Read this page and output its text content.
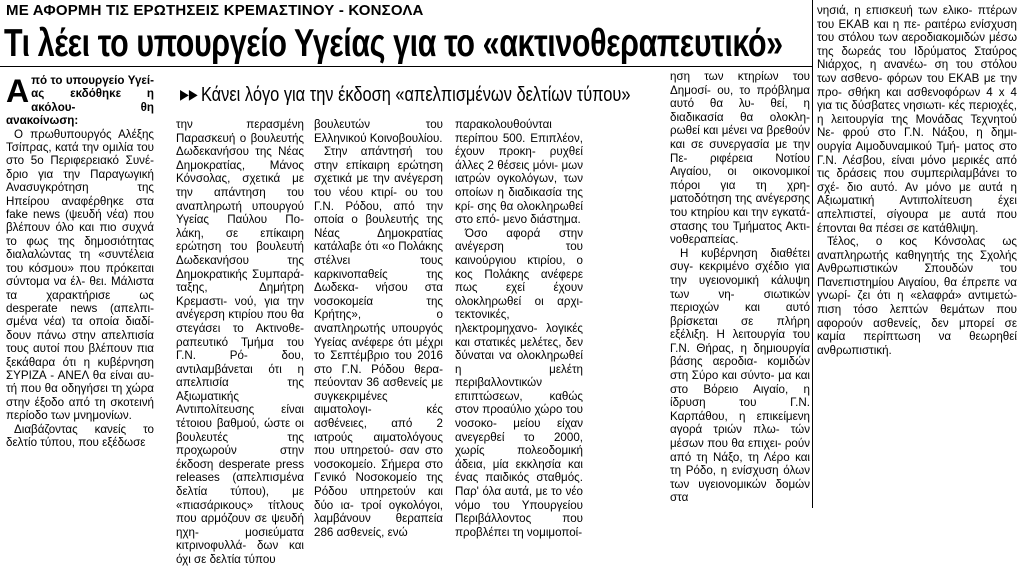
ΜΕ ΑΦΟΡΜΗ ΤΙΣ ΕΡΩΤΗΣΕΙΣ ΚΡΕΜΑΣΤΙΝΟΥ - ΚΟΝΣΟΛΑ
Τι λέει το υπουργείο Υγείας για το «ακτινοθεραπευτικό»
▶▶ Κάνει λόγο για την έκδοση «απελπισμένων δελτίων τύπου»
Α πό το υπουργείο Υγεί- ας εκδόθηκε η ακόλου- θη ανακοίνωση:
Ο πρωθυπουργός Αλέξης Τσίπρας, κατά την ομιλία του στο 5ο Περιφερειακό Συνέ- δριο για την Παραγωγική Ανασυγκρότηση της Ηπείρου αναφέρθηκε στα fake news (ψευδή νέα) που βλέπουν όλο και πιο συχνά το φως της δημοσιότητας διαλαλώντας τη «συντέλεια του κόσμου» που πρόκειται σύντομα να έλ- θει. Μάλιστα τα χαρακτήρισε ως desperate news (απελπι- σμένα νέα) τα οποία διαδί- δουν πάνω στην απελπισία τους αυτοί που βλέπουν πια ξεκάθαρα ότι η κυβέρνηση ΣΥΡΙΖΑ - ΑΝΕΛ θα είναι αυ- τή που θα οδηγήσει τη χώρα στην έξοδο από τη σκοτεινή περίοδο των μνημονίων.
Διαβάζοντας κανείς το δελτίο τύπου, που εξέδωσε

την περασμένη Παρασκευή ο βουλευτής Δωδεκανήσου της Νέας Δημοκρατίας, Μάνος Κόνσολας, σχετικά με την απάντηση του αναπληρωτή υπουργού Υγείας Παύλου Πο- λάκη, σε επίκαιρη ερώτηση του βουλευτή Δωδεκανήσου της Δημοκρατικής Συμπαρά- ταξης, Δημήτρη Κρεμαστι- νού, για την ανέγερση κτιρίου που θα στεγάσει το Ακτινοθε- ραπευτικό Τμήμα του Γ.Ν. Ρό- δου, αντιλαμβάνεται ότι η απελπισία της Αξιωματικής Αντιπολίτευσης είναι τέτοιου βαθμού, ώστε οι βουλευτές της προχωρούν στην έκδοση desperate press releases (απελπισμένα δελτία τύπου), με «πιασάρικους» τίτλους που αρμόζουν σε ψευδή ηχη- μοσιεύματα κιτρινοφυλλά- δων και όχι σε δελτία τύπου

βουλευτών του Ελληνικού Κοινοβουλίου.

Στην απάντησή του στην επίκαιρη ερώτηση σχετικά με την ανέγερση του νέου κτιρί- ου του Γ.Ν. Ρόδου, από την οποία ο βουλευτής της Νέας Δημοκρατίας κατάλαβε ότι «ο Πολάκης στέλνει τους καρκινοπαθείς της Δωδεκα- νήσου στα νοσοκομεία της Κρήτης», ο αναπληρωτής υπουργός Υγείας ανέφερε ότι μέχρι το Σεπτέμβριο του 2016 στο Γ.Ν. Ρόδου θερα- πεύονταν 36 ασθενείς με συγκεκριμένες αιματολογι- κές ασθένειες, από 2 ιατρούς αιματολόγους που υπηρετού- σαν στο νοσοκομείο. Σήμερα στο Γενικό Νοσοκομείο της Ρόδου υπηρετούν και δύο ια- τροί ογκολόγοι, λαμβάνουν θεραπεία 286 ασθενείς, ενώ

παρακολουθούνται περίπου 500. Επιπλέον, έχουν προκη- ρυχθεί άλλες 2 θέσεις μόνι- μων ιατρών ογκολόγων, των οποίων η διαδικασία της κρί- σης θα ολοκληρωθεί στο επό- μενο διάστημα.

Όσο αφορά στην ανέγερση του καινούργιου κτιρίου, ο κος Πολάκης ανέφερε πως εχεί έχουν ολοκληρωθεί οι αρχι- τεκτονικές, ηλεκτρομηχανο- λογικές και στατικές μελέτες, δεν δύναται να ολοκληρωθεί η μελέτη περιβαλλοντικών επιπτώσεων, καθώς στον προαύλιο χώρο του νοσοκο- μείου είχαν ανεγερθεί το 2000, χωρίς πολεοδομική άδεια, μία εκκλησία και ένας παιδικός σταθμός. Παρ' όλα αυτά, με το νέο νόμο του Υπουργείου Περιβάλλοντος που προβλέπει τη νομιμοποί-

ηση των κτηρίων του Δημοσί- ου, το πρόβλημα αυτό θα λυ- θεί, η διαδικασία θα ολοκλη- ρωθεί και μένει να βρεθούν και σε συνεργασία με την Πε- ριφέρεια Νοτίου Αιγαίου, οι οικονομικοί πόροι για τη χρη- ματοδότηση της ανέγερσης του κτηρίου και την εγκατά- στασης του Τμήματος Ακτι- νοθεραπείας.

Η κυβέρνηση διαθέτει συγ- κεκριμένο σχέδιο για την υγειονομική κάλυψη των νη- σιωτικών περιοχών και αυτό βρίσκεται σε πλήρη εξέλιξη. Η λειτουργία του Γ.Ν. Θήρας, η δημιουργία βάσης αεροδια- κομιδών στη Σύρο και σύντο- μα και στο Βόρειο Αιγαίο, η ίδρυση του Γ.Ν. Καρπάθου, η επικείμενη αγορά τριών πλω- τών μέσων που θα επιχει- ρούν από τη Νάξο, τη Λέρο και τη Ρόδο, η ενίσχυση όλων των υγειονομικών δομών στα

νησιά, η επισκευή των ελικο- πτέρων του ΕΚΑΒ και η πε- ραιτέρω ενίσχυση του στόλου των αεροδιακομιδών μέσω της δωρεάς του Ιδρύματος Σταύρος Νιάρχος, η ανανέω- ση του στόλου των ασθενο- φόρων του ΕΚΑΒ με την προ- σθήκη και ασθενοφόρων 4 x 4 για τις δύσβατες νησιωτι- κές περιοχές, η λειτουργία της Μονάδας Τεχνητού Νε- φρού στο Γ.Ν. Νάξου, η δημι- ουργία Αιμοδυναμικού Τμή- ματος στο Γ.Ν. Λέσβου, είναι μόνο μερικές από τις δράσεις που συμπεριλαμβάνει το σχέ- διο αυτό. Αν μόνο με αυτά η Αξιωματική Αντιπολίτευση έχει απελπιστεί, σίγουρα με αυτά που έπονται θα πέσει σε κατάθλιψη.

Τέλος, ο κος Κόνσολας ως αναπληρωτής καθηγητής της Σχολής Ανθρωπιστικών Σπουδών του Πανεπιστημίου Αιγαίου, θα έπρεπε να γνωρί- ζει ότι η «ελαφρά» αντιμετώ- πιση τόσο λεπτών θεμάτων που αφορούν ασθενείς, δεν μπορεί σε καμία περίπτωση να θεωρηθεί ανθρωπιστική.
